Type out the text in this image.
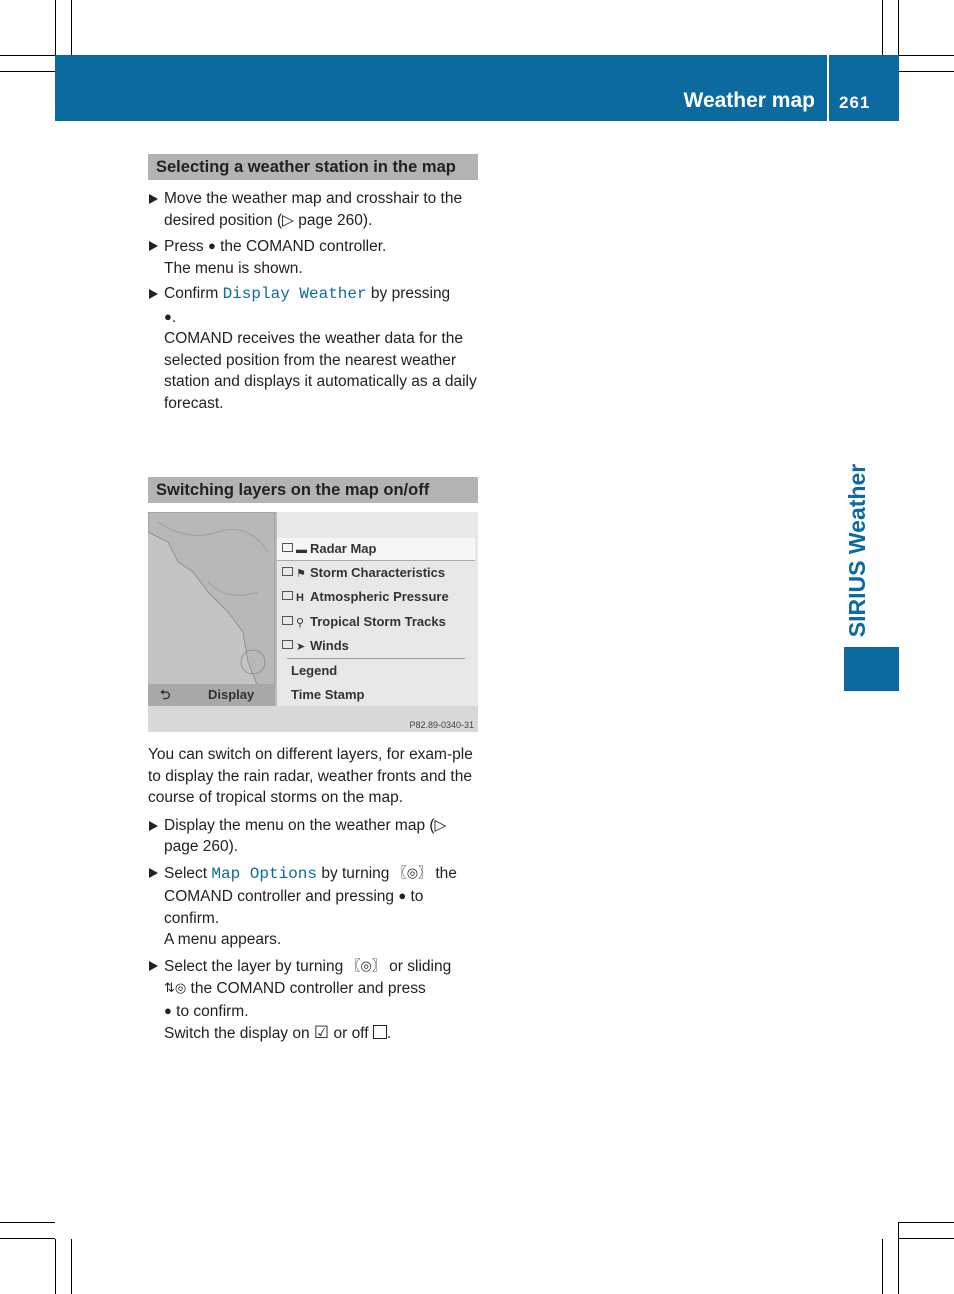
Weather map 261
SIRIUS Weather
Selecting a weather station in the map
Move the weather map and crosshair to the desired position (▷ page 260).
Press ● the COMAND controller.
The menu is shown.
Confirm Display Weather by pressing
●.
COMAND receives the weather data for the selected position from the nearest weather station and displays it automatically as a daily forecast.
Switching layers on the map on/off
⮌	Display
▬ Radar Map
⚑ Storm Characteristics
H Atmospheric Pressure
⚲ Tropical Storm Tracks
➤ Winds
Legend
Time Stamp
P82.89-0340-31
You can switch on different layers, for exam-ple to display the rain radar, weather fronts and the course of tropical storms on the map.
Display the menu on the weather map (▷ page 260).
Select Map Options by turning 〖◎〗 the COMAND controller and pressing ● to confirm.
A menu appears.
Select the layer by turning 〖◎〗 or sliding
⇅◎ the COMAND controller and press
● to confirm.
Switch the display on ☑ or off .
